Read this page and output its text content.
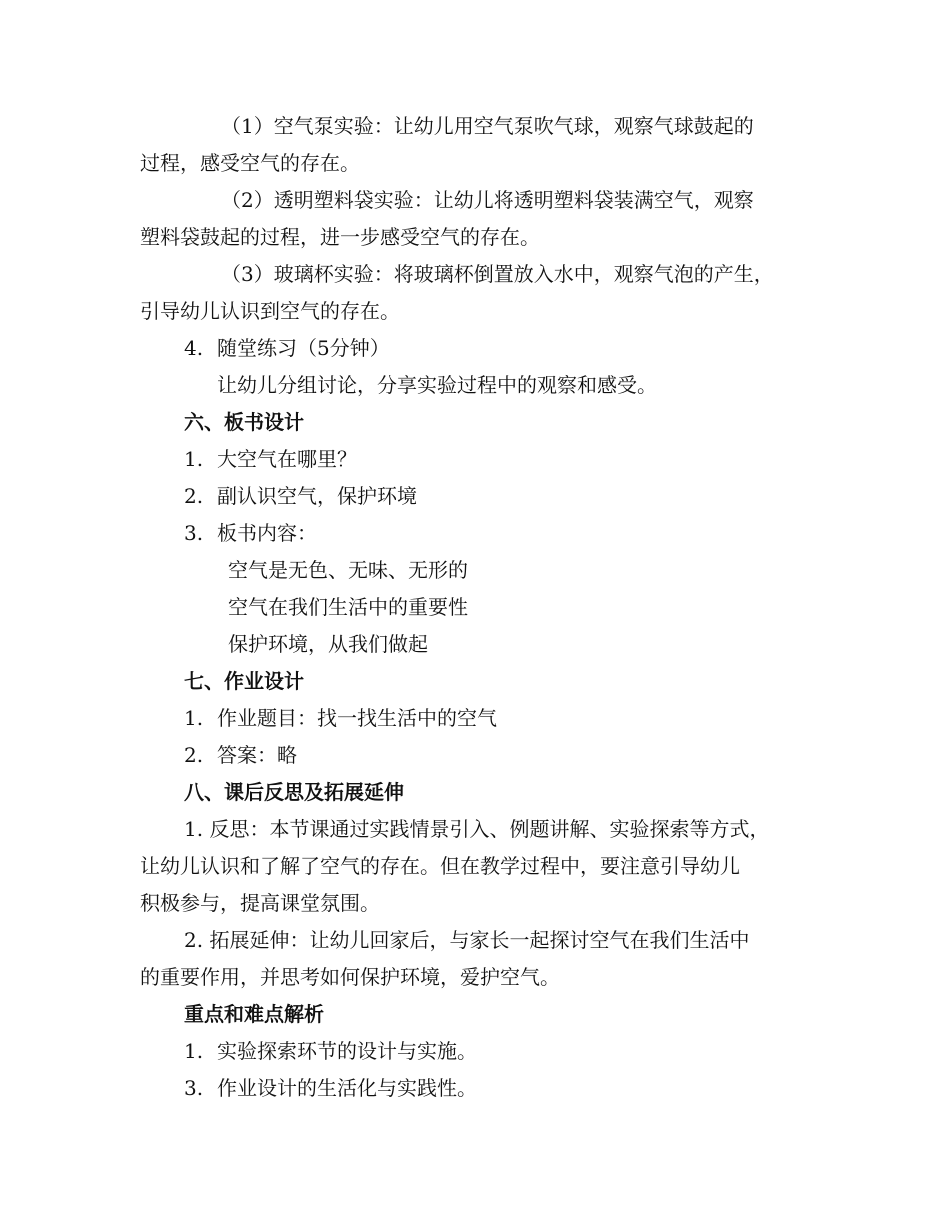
（1）空气泵实验：让幼儿用空气泵吹气球，观察气球鼓起的
过程，感受空气的存在。
（2）透明塑料袋实验：让幼儿将透明塑料袋装满空气，观察
塑料袋鼓起的过程，进一步感受空气的存在。
（3）玻璃杯实验：将玻璃杯倒置放入水中，观察气泡的产生，
引导幼儿认识到空气的存在。
4. 随堂练习（5分钟）
让幼儿分组讨论，分享实验过程中的观察和感受。
六、板书设计
1. 大空气在哪里？
2. 副认识空气，保护环境
3. 板书内容：
空气是无色、无味、无形的
空气在我们生活中的重要性
保护环境，从我们做起
七、作业设计
1. 作业题目：找一找生活中的空气
2. 答案：略
八、课后反思及拓展延伸
1. 反思：本节课通过实践情景引入、例题讲解、实验探索等方式，
让幼儿认识和了解了空气的存在。但在教学过程中，要注意引导幼儿
积极参与，提高课堂氛围。
2. 拓展延伸：让幼儿回家后，与家长一起探讨空气在我们生活中
的重要作用，并思考如何保护环境，爱护空气。
重点和难点解析
1. 实验探索环节的设计与实施。
3. 作业设计的生活化与实践性。
